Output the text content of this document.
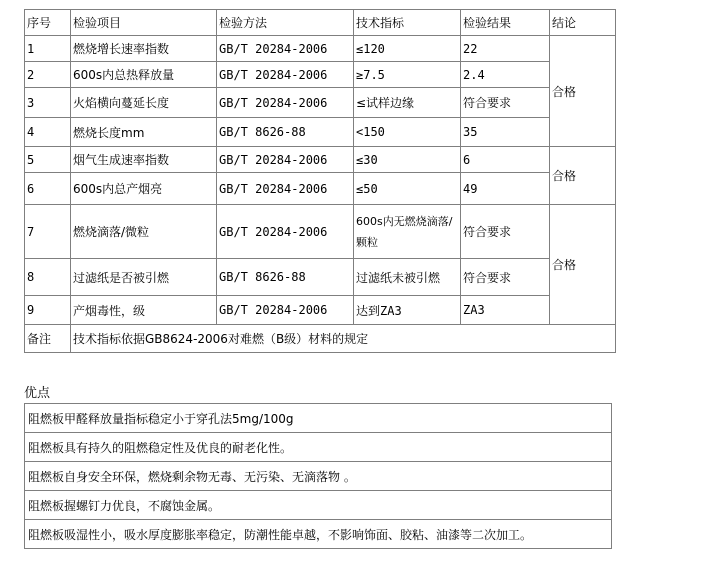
序号	检验项目	检验方法	技术指标	检验结果	结论
1	燃烧增长速率指数	GB/T 20284-2006	≤120	22	合格
2	600s内总热释放量	GB/T 20284-2006	≥7.5	2.4	
3	火焰横向蔓延长度	GB/T 20284-2006	≤试样边缘	符合要求	
4	燃烧长度mm	GB/T 8626-88	<150	35	
5	烟气生成速率指数	GB/T 20284-2006	≤30	6	合格
6	600s内总产烟亮	GB/T 20284-2006	≤50	49	
7	燃烧滴落/微粒	GB/T 20284-2006	600s内无燃烧滴落/颗粒	符合要求	合格
8	过滤纸是否被引燃	GB/T 8626-88	过滤纸未被引燃	符合要求	
9	产烟毒性，级	GB/T 20284-2006	达到ZA3	ZA3	
备注	技术指标依据GB8624-2006对难燃（B级）材料的规定				
优点
阻燃板甲醛释放量指标稳定小于穿孔法5mg/100g
阻燃板具有持久的阻燃稳定性及优良的耐老化性。
阻燃板自身安全环保，燃烧剩余物无毒、无污染、无滴落物 。
阻燃板握螺钉力优良，不腐蚀金属。
阻燃板吸湿性小，吸水厚度膨胀率稳定，防潮性能卓越，不影响饰面、胶粘、油漆等二次加工。
